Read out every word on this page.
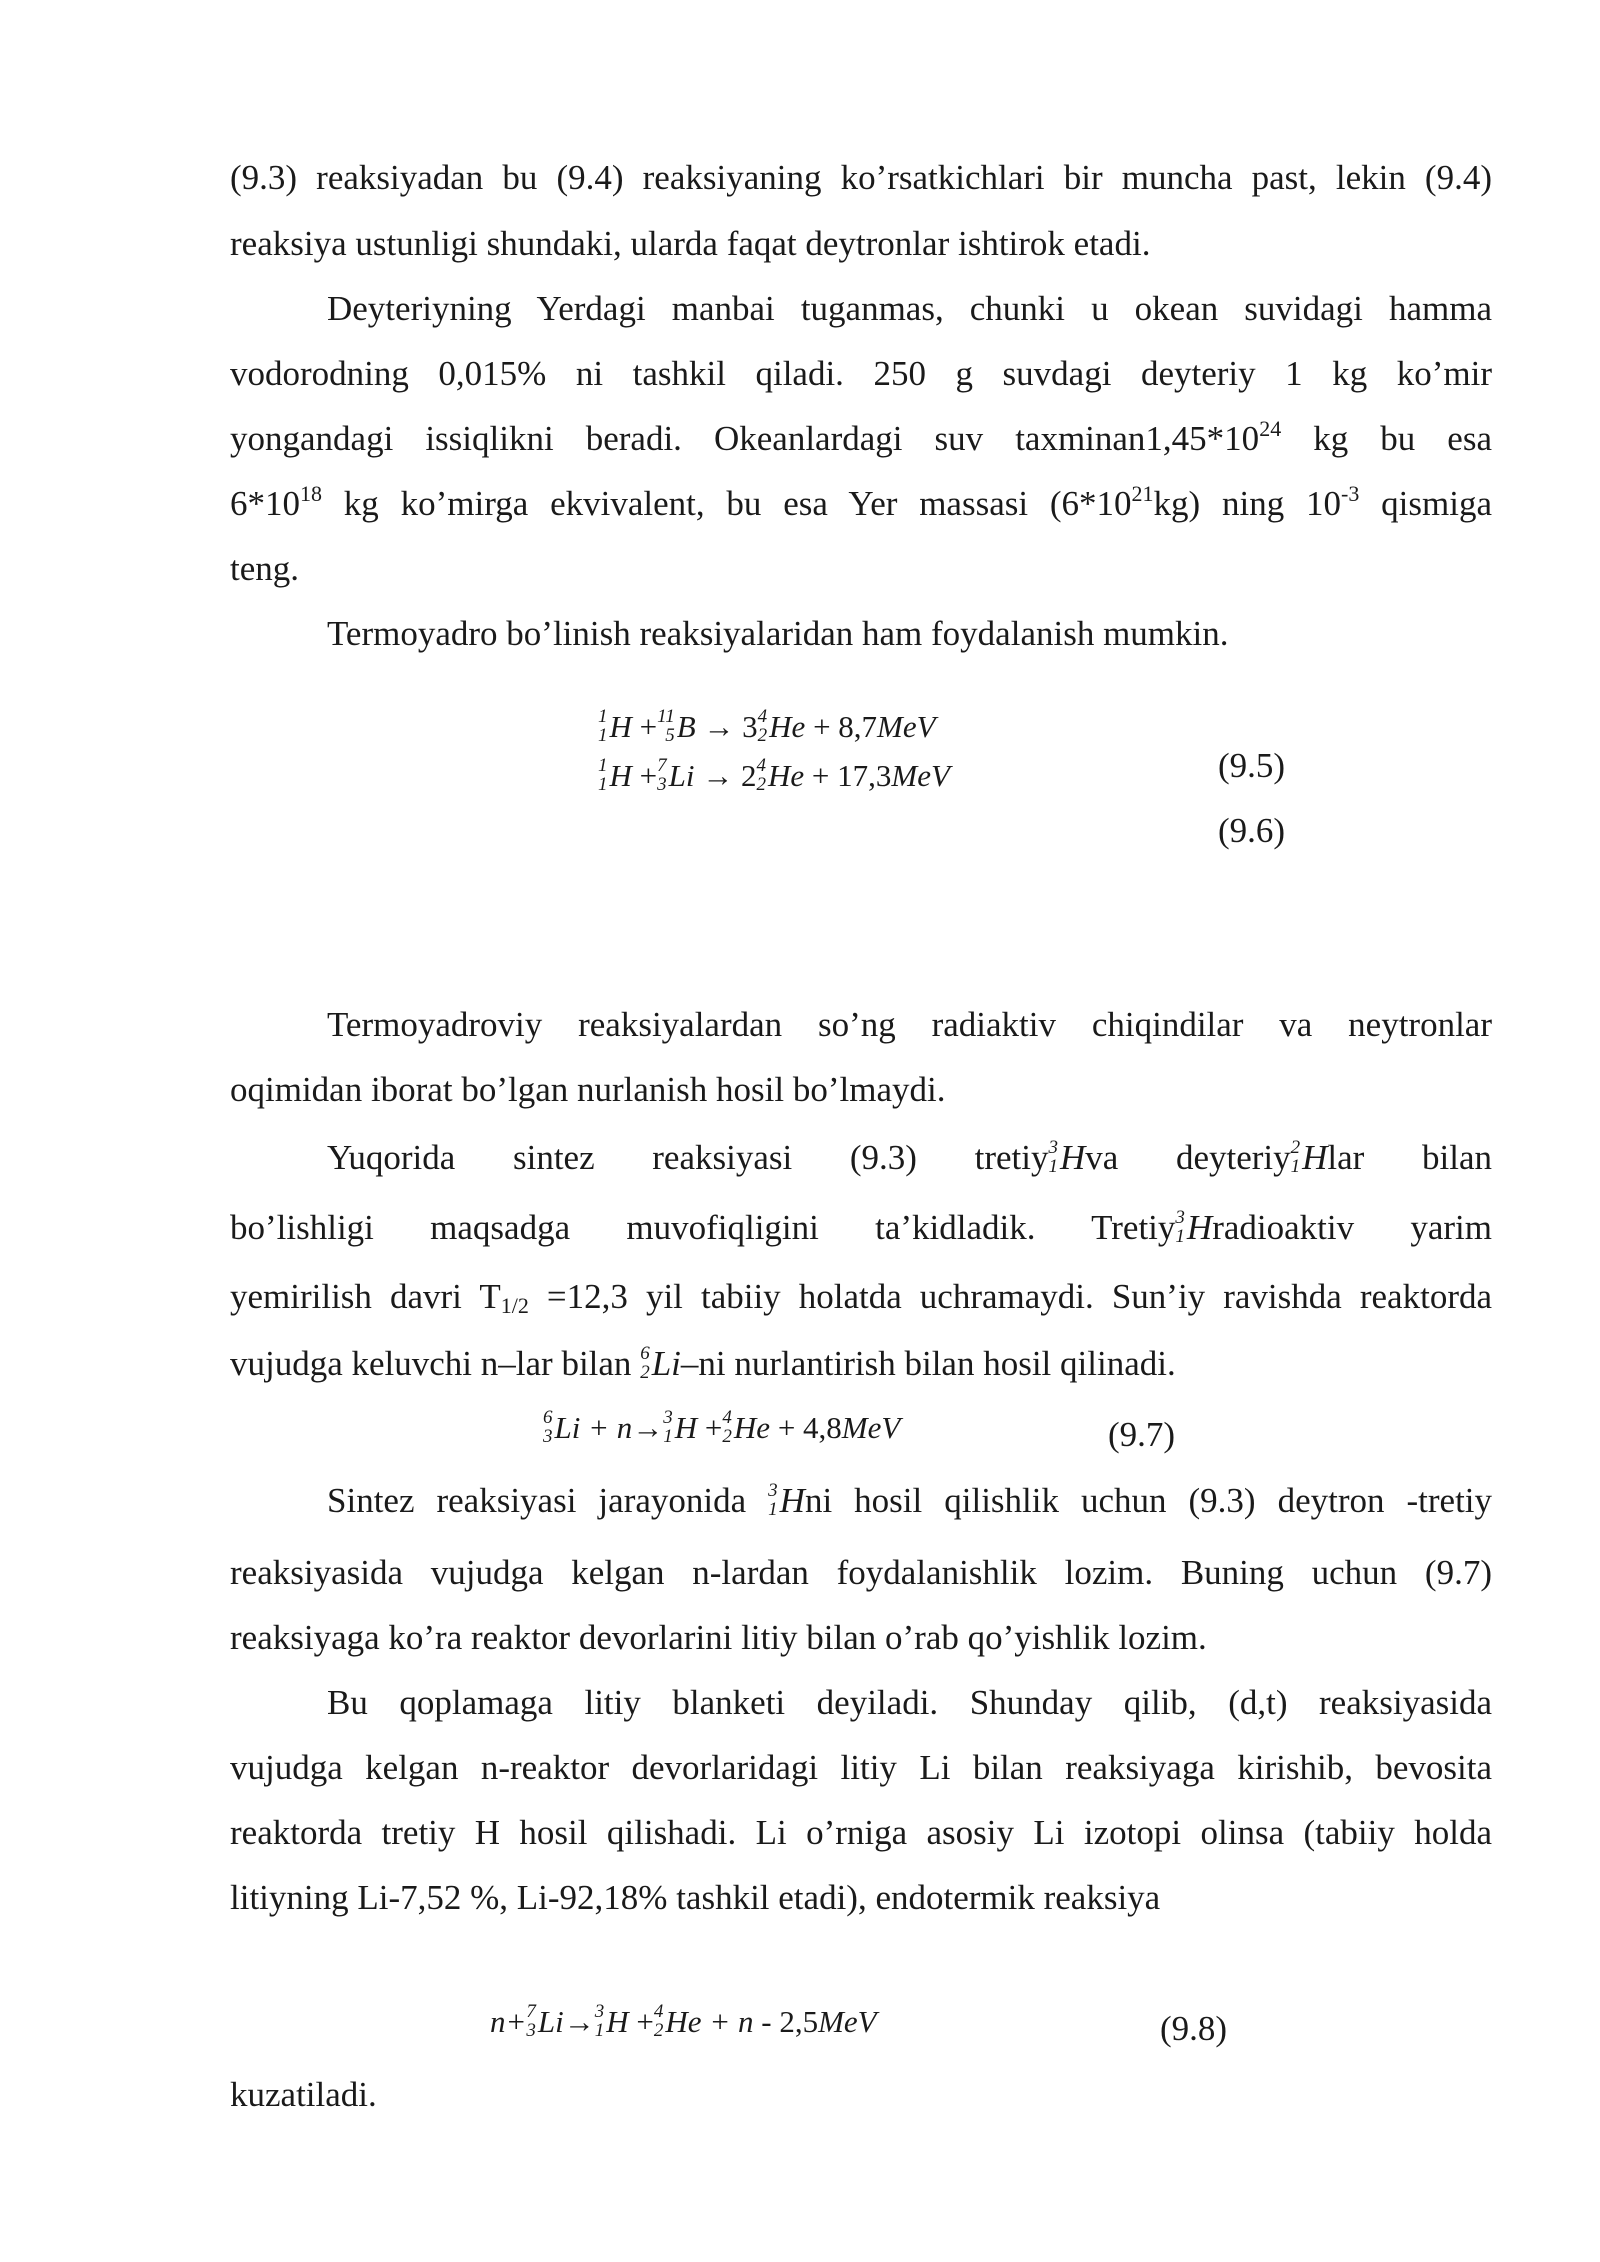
(9.3) reaksiyadan bu (9.4) reaksiyaning ko’rsatkichlari bir muncha past, lekin (9.4)
reaksiya ustunligi shundaki, ularda faqat deytronlar ishtirok etadi.
Deyteriyning Yerdagi manbai tuganmas, chunki u okean suvidagi hamma
vodorodning 0,015% ni tashkil qiladi. 250 g suvdagi deyteriy 1 kg ko’mir
yongandagi issiqlikni beradi. Okeanlardagi suv $taxminan1,45*10^{24}$ kg bu esa
$6*10^{18}$ kg ko’mirga ekvivalent, bu esa Yer massasi $(6*10^{21}kg)$ ning $10^{-3}$ qismiga
teng.
Termoyadro bo’linish reaksiyalaridan ham foydalanish mumkin.
1
1 H + 11
5 B → 3 4
2 He + 8,7MeV
1
1 H + 7
3 Li → 2 4
2 He + 17,3MeV	(9.5)
(9.6)
Termoyadroviy reaksiyalardan so’ng radiaktiv chiqindilar va neytronlar
oqimidan iborat bo’lgan nurlanish hosil bo’lmaydi.
Yuqorida sintez reaksiyasi (9.3) tretiy 3
1 Hva deyteriy 2
1 Hlar bilan
bo’lishligi maqsadga muvofiqligini ta’kidladik. Tretiy 3
1 Hradioaktiv yarim
yemirilish davri $T_{1/2} =12,3$ yil tabiiy holatda uchramaydi. Sun’iy ravishda reaktorda
vujudga keluvchi n–lar bilan 6
2 Li–ni nurlantirish bilan hosil qilinadi.
6
3 Li + n→ 3
1 H + 4
2 He + 4,8MeV	(9.7)
Sintez reaksiyasi jarayonida 3
1 Hni hosil qilishlik uchun (9.3) deytron -tretiy
reaksiyasida vujudga kelgan n-lardan foydalanishlik lozim. Buning uchun (9.7)
reaksiyaga ko’ra reaktor devorlarini litiy bilan o’rab qo’yishlik lozim.
Bu qoplamaga litiy blanketi deyiladi. Shunday qilib, (d,t) reaksiyasida
vujudga kelgan n-reaktor devorlaridagi litiy Li bilan reaksiyaga kirishib, bevosita
reaktorda tretiy H hosil qilishadi. Li o’rniga asosiy Li izotopi olinsa (tabiiy holda
litiyning Li-7,52 %, Li-92,18% tashkil etadi), endotermik reaksiya
n+ 7
3 Li→ 3
1 H + 4
2 He + n - 2,5MeV	(9.8)
kuzatiladi.
